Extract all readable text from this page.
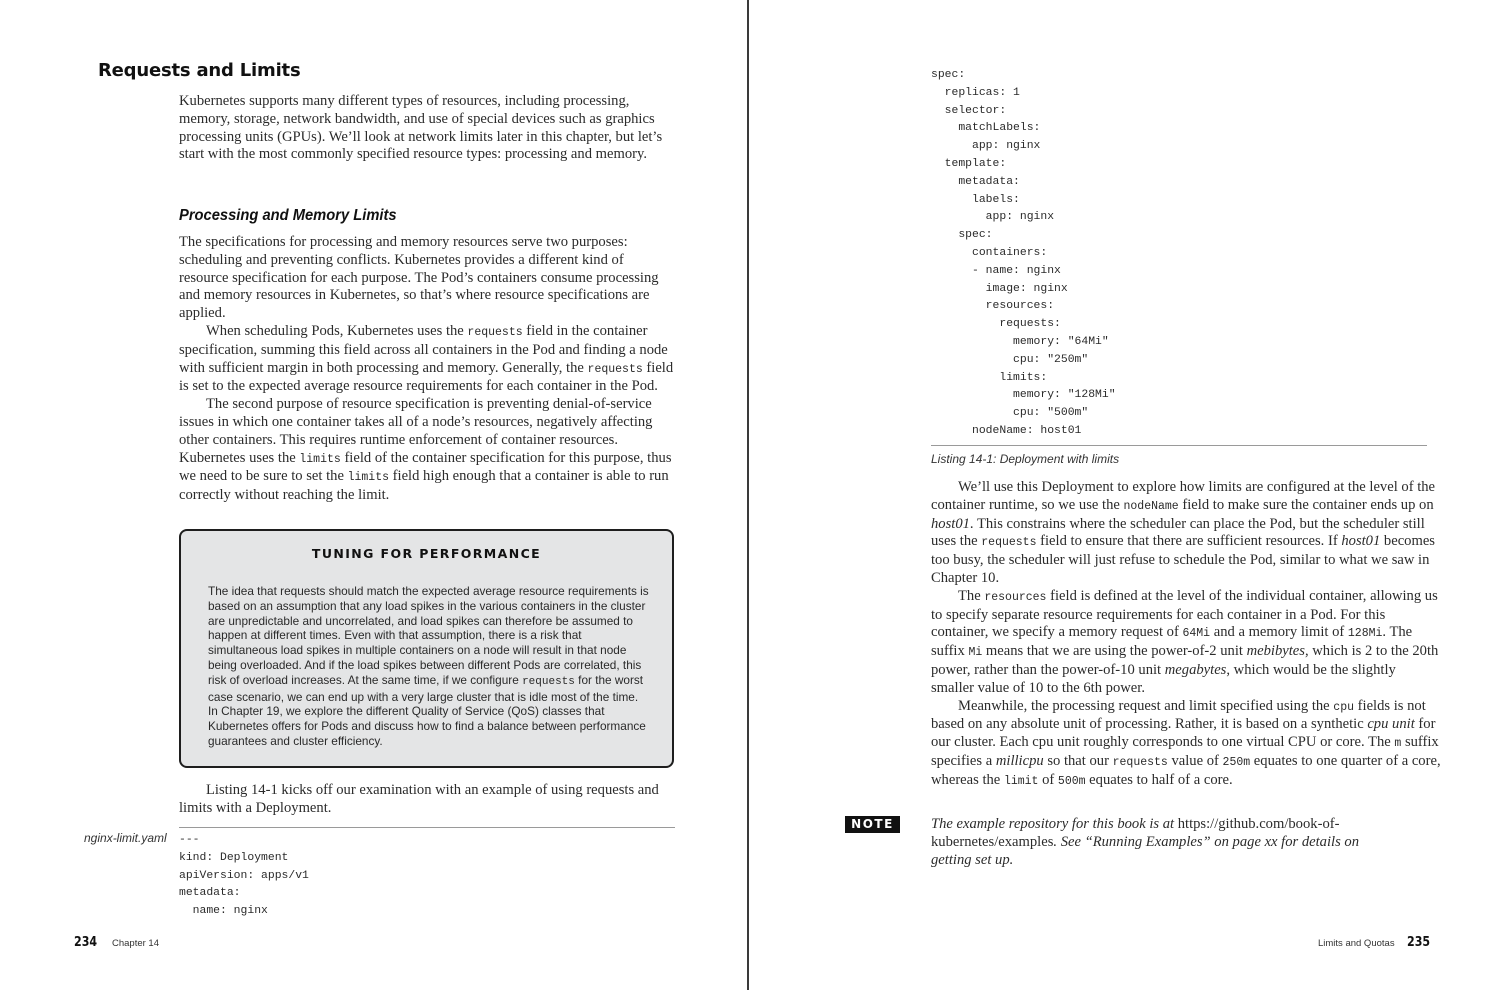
Requests and Limits

Kubernetes supports many different types of resources, including processing, memory, storage, network bandwidth, and use of special devices such as graphics processing units (GPUs). We’ll look at network limits later in this chapter, but let’s start with the most commonly specified resource types: processing and memory.

Processing and Memory Limits

The specifications for processing and memory resources serve two purposes: scheduling and preventing conflicts. Kubernetes provides a different kind of resource specification for each purpose. The Pod’s containers consume processing and memory resources in Kubernetes, so that’s where resource specifications are applied.

When scheduling Pods, Kubernetes uses the requests field in the container specification, summing this field across all containers in the Pod and finding a node with sufficient margin in both processing and memory. Generally, the requests field is set to the expected average resource requirements for each container in the Pod.

The second purpose of resource specification is preventing denial-of-service issues in which one container takes all of a node’s resources, negatively affecting other containers. This requires runtime enforcement of container resources. Kubernetes uses the limits field of the container specification for this purpose, thus we need to be sure to set the limits field high enough that a container is able to run correctly without reaching the limit.

TUNING FOR PERFORMANCE

The idea that requests should match the expected average resource requirements is based on an assumption that any load spikes in the various containers in the cluster are unpredictable and uncorrelated, and load spikes can therefore be assumed to happen at different times. Even with that assumption, there is a risk that simultaneous load spikes in multiple containers on a node will result in that node being overloaded. And if the load spikes between different Pods are correlated, this risk of overload increases. At the same time, if we configure requests for the worst case scenario, we can end up with a very large cluster that is idle most of the time. In Chapter 19, we explore the different Quality of Service (QoS) classes that Kubernetes offers for Pods and discuss how to find a balance between performance guarantees and cluster efficiency.

Listing 14-1 kicks off our examination with an example of using requests and limits with a Deployment.

nginx-limit.yaml ---
kind: Deployment
apiVersion: apps/v1
metadata:
name: nginx
234 Chapter 14
spec:
replicas: 1
selector:
matchLabels:
app: nginx
template:
metadata:
labels:
app: nginx
spec:
containers:
- name: nginx
image: nginx
resources:
requests:
memory: "64Mi"
cpu: "250m"
limits:
memory: "128Mi"
cpu: "500m"
nodeName: host01
Listing 14-1: Deployment with limits

We’ll use this Deployment to explore how limits are configured at the level of the container runtime, so we use the nodeName field to make sure the container ends up on host01. This constrains where the scheduler can place the Pod, but the scheduler still uses the requests field to ensure that there are sufficient resources. If host01 becomes too busy, the scheduler will just refuse to schedule the Pod, similar to what we saw in Chapter 10.

The resources field is defined at the level of the individual container, allowing us to specify separate resource requirements for each container in a Pod. For this container, we specify a memory request of 64Mi and a memory limit of 128Mi. The suffix Mi means that we are using the power-of-2 unit mebibytes, which is 2 to the 20th power, rather than the power-of-10 unit megabytes, which would be the slightly smaller value of 10 to the 6th power.

Meanwhile, the processing request and limit specified using the cpu fields is not based on any absolute unit of processing. Rather, it is based on a synthetic cpu unit for our cluster. Each cpu unit roughly corresponds to one virtual CPU or core. The m suffix specifies a millicpu so that our requests value of 250m equates to one quarter of a core, whereas the limit of 500m equates to half of a core.

NOTE	The example repository for this book is at https://github.com/book-of-kubernetes/examples. See “Running Examples” on page xx for details on getting set up.

Limits and Quotas 235
